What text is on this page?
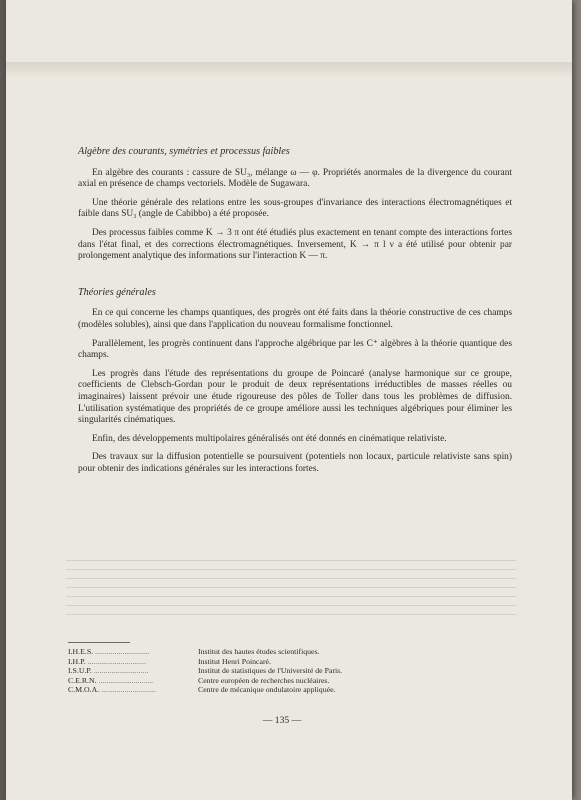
Algèbre des courants, symétries et processus faibles

En algèbre des courants : cassure de SU₃, mélange ω — φ. Propriétés anormales de la divergence du courant axial en présence de champs vectoriels. Modèle de Sugawara.

Une théorie générale des relations entre les sous-groupes d'invariance des interactions électromagnétiques et faible dans SU₃ (angle de Cabibbo) a été proposée.

Des processus faibles comme K → 3 π ont été étudiés plus exactement en tenant compte des interactions fortes dans l'état final, et des corrections électromagnétiques. Inversement, K → π l ν a été utilisé pour obtenir par prolongement analytique des informations sur l'interaction K — π.

Théories générales

En ce qui concerne les champs quantiques, des progrès ont été faits dans la théorie constructive de ces champs (modèles solubles), ainsi que dans l'application du nouveau formalisme fonctionnel.

Parallèlement, les progrès continuent dans l'approche algébrique par les C⁺ algèbres à la théorie quantique des champs.

Les progrès dans l'étude des représentations du groupe de Poincaré (analyse harmonique sur ce groupe, coefficients de Clebsch-Gordan pour le produit de deux représentations irréductibles de masses réelles ou imaginaires) laissent prévoir une étude rigoureuse des pôles de Toller dans tous les problèmes de diffusion. L'utilisation systématique des propriétés de ce groupe améliore aussi les techniques algébriques pour éliminer les singularités cinématiques.

Enfin, des développements multipolaires généralisés ont été donnés en cinématique relativiste.

Des travaux sur la diffusion potentielle se poursuivent (potentiels non locaux, particule relativiste sans spin) pour obtenir des indications générales sur les interactions fortes.

I.H.E.S. ............................	Institut des hautes études scientifiques.
I.H.P. ..............................	Institut Henri Poincaré.
I.S.U.P. ............................	Institut de statistiques de l'Université de Paris.
C.E.R.N. ............................	Centre européen de recherches nucléaires.
C.M.O.A. ............................	Centre de mécanique ondulatoire appliquée.
— 135 —
